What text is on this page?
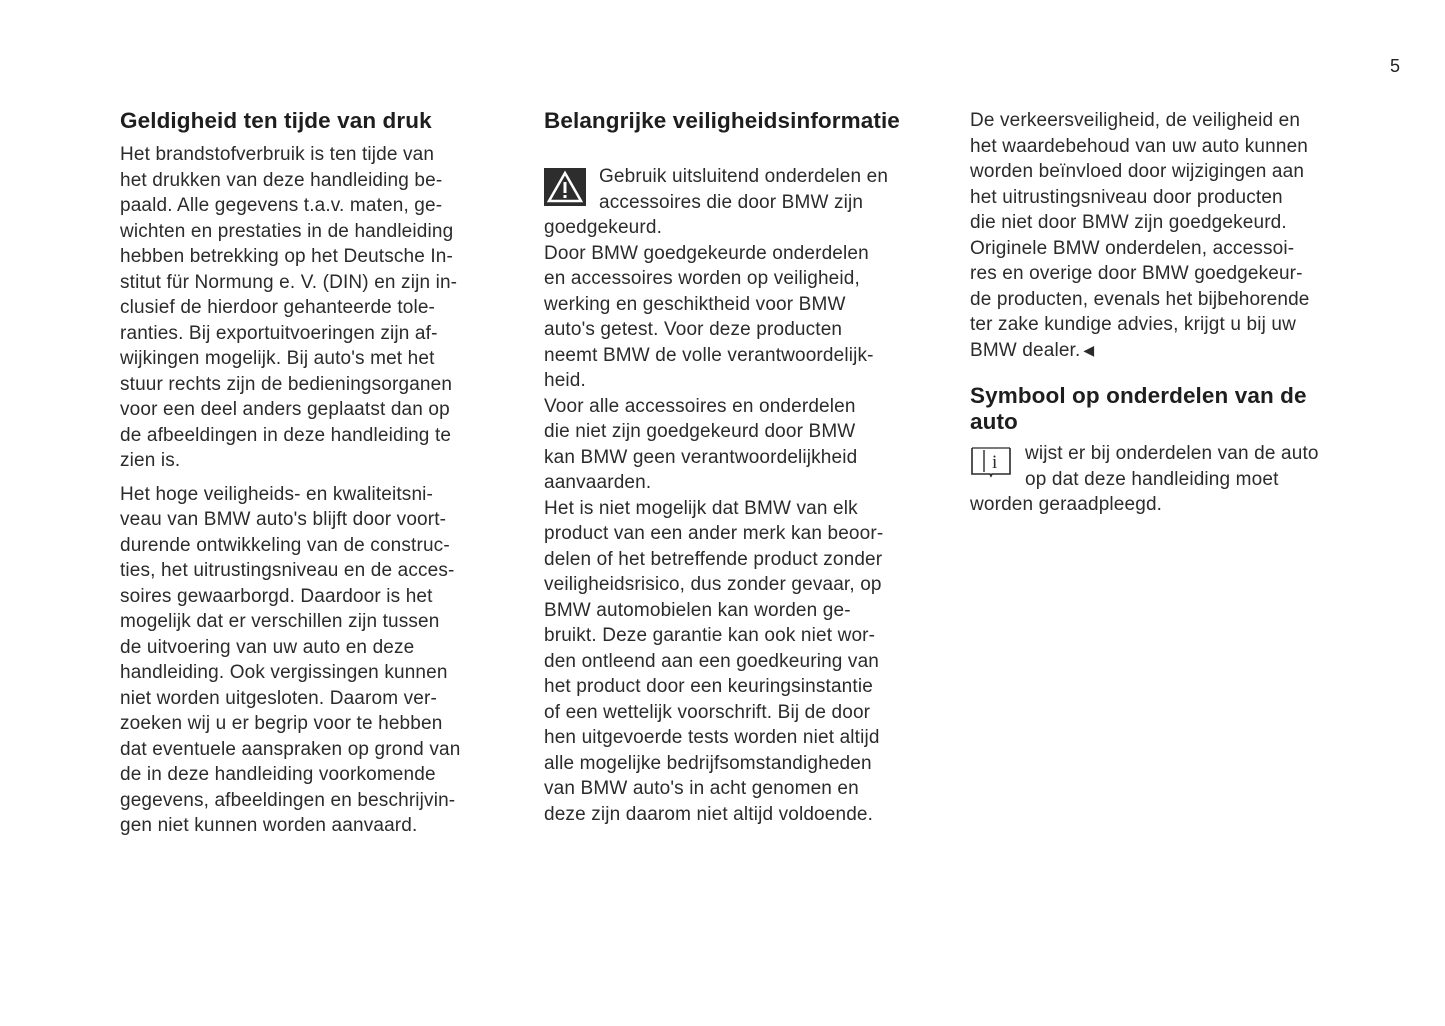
5
Geldigheid ten tijde van druk
Het brandstofverbruik is ten tijde van
het drukken van deze handleiding be-
paald. Alle gegevens t.a.v. maten, ge-
wichten en prestaties in de handleiding
hebben betrekking op het Deutsche In-
stitut für Normung e. V. (DIN) en zijn in-
clusief de hierdoor gehanteerde tole-
ranties. Bij exportuitvoeringen zijn af-
wijkingen mogelijk. Bij auto's met het
stuur rechts zijn de bedieningsorganen
voor een deel anders geplaatst dan op
de afbeeldingen in deze handleiding te
zien is.
Het hoge veiligheids- en kwaliteitsni-
veau van BMW auto's blijft door voort-
durende ontwikkeling van de construc-
ties, het uitrustingsniveau en de acces-
soires gewaarborgd. Daardoor is het
mogelijk dat er verschillen zijn tussen
de uitvoering van uw auto en deze
handleiding. Ook vergissingen kunnen
niet worden uitgesloten. Daarom ver-
zoeken wij u er begrip voor te hebben
dat eventuele aanspraken op grond van
de in deze handleiding voorkomende
gegevens, afbeeldingen en beschrijvin-
gen niet kunnen worden aanvaard.
Belangrijke veiligheidsinformatie
Gebruik uitsluitend onderdelen en
accessoires die door BMW zijn
goedgekeurd.
Door BMW goedgekeurde onderdelen
en accessoires worden op veiligheid,
werking en geschiktheid voor BMW
auto's getest. Voor deze producten
neemt BMW de volle verantwoordelijk-
heid.
Voor alle accessoires en onderdelen
die niet zijn goedgekeurd door BMW
kan BMW geen verantwoordelijkheid
aanvaarden.
Het is niet mogelijk dat BMW van elk
product van een ander merk kan beoor-
delen of het betreffende product zonder
veiligheidsrisico, dus zonder gevaar, op
BMW automobielen kan worden ge-
bruikt. Deze garantie kan ook niet wor-
den ontleend aan een goedkeuring van
het product door een keuringsinstantie
of een wettelijk voorschrift. Bij de door
hen uitgevoerde tests worden niet altijd
alle mogelijke bedrijfsomstandigheden
van BMW auto's in acht genomen en
deze zijn daarom niet altijd voldoende.
De verkeersveiligheid, de veiligheid en
het waardebehoud van uw auto kunnen
worden beïnvloed door wijzigingen aan
het uitrustingsniveau door producten
die niet door BMW zijn goedgekeurd.
Originele BMW onderdelen, accessoi-
res en overige door BMW goedgekeur-
de producten, evenals het bijbehorende
ter zake kundige advies, krijgt u bij uw
BMW dealer. ◀
Symbool op onderdelen van de
auto
i wijst er bij onderdelen van de auto
op dat deze handleiding moet
worden geraadpleegd.
